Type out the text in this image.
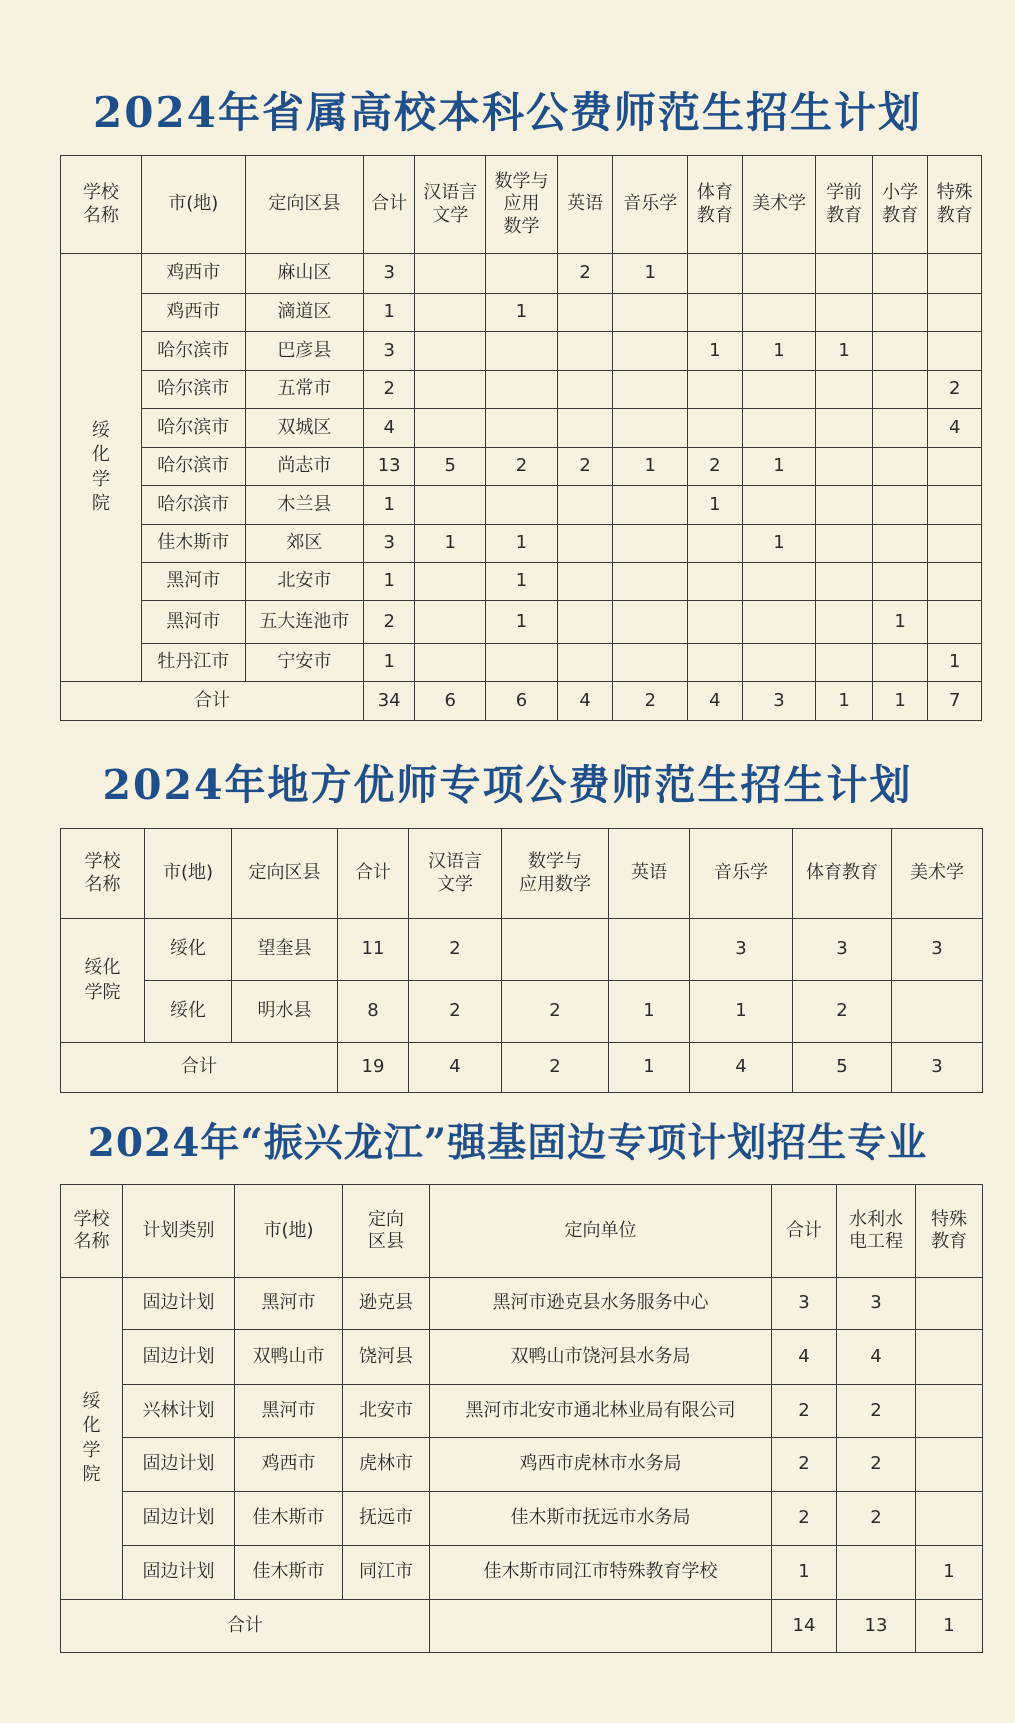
2024年省属高校本科公费师范生招生计划
学校
名称	市(地)	定向区县	合计	汉语言
文学	数学与
应用
数学	英语	音乐学	体育
教育	美术学	学前
教育	小学
教育	特殊
教育
绥
化
学
院	鸡西市	麻山区	3			2	1					
	鸡西市	滴道区	1		1							
	哈尔滨市	巴彦县	3					1	1	1		
	哈尔滨市	五常市	2									2
	哈尔滨市	双城区	4									4
	哈尔滨市	尚志市	13	5	2	2	1	2	1			
	哈尔滨市	木兰县	1					1				
	佳木斯市	郊区	3	1	1				1			
	黑河市	北安市	1		1							
	黑河市	五大连池市	2		1						1	
	牡丹江市	宁安市	1									1
合计			34	6	6	4	2	4	3	1	1	7
2024年地方优师专项公费师范生招生计划
学校
名称	市(地)	定向区县	合计	汉语言
文学	数学与
应用数学	英语	音乐学	体育教育	美术学
绥化
学院	绥化	望奎县	11	2			3	3	3
	绥化	明水县	8	2	2	1	1	2	
合计			19	4	2	1	4	5	3
2024年“振兴龙江”强基固边专项计划招生专业
学校
名称	计划类别	市(地)	定向
区县	定向单位	合计	水利水
电工程	特殊
教育
绥
化
学
院	固边计划	黑河市	逊克县	黑河市逊克县水务服务中心	3	3	
	固边计划	双鸭山市	饶河县	双鸭山市饶河县水务局	4	4	
	兴林计划	黑河市	北安市	黑河市北安市通北林业局有限公司	2	2	
	固边计划	鸡西市	虎林市	鸡西市虎林市水务局	2	2	
	固边计划	佳木斯市	抚远市	佳木斯市抚远市水务局	2	2	
	固边计划	佳木斯市	同江市	佳木斯市同江市特殊教育学校	1		1
合计					14	13	1
